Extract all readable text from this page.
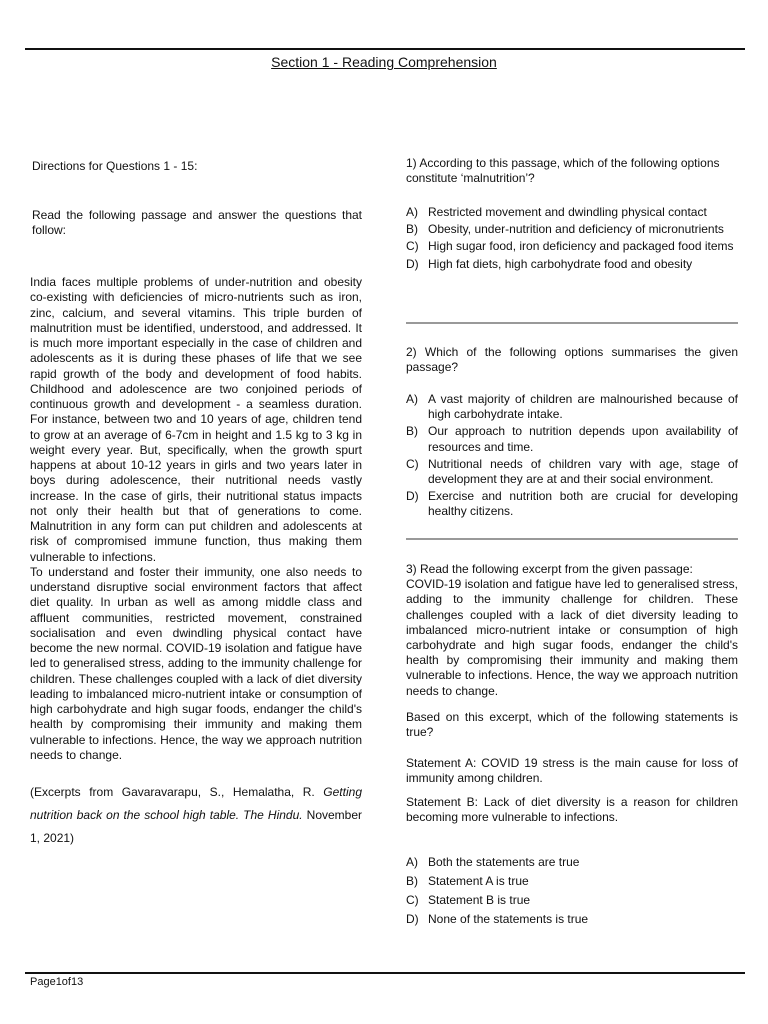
Section 1 - Reading Comprehension

Directions for Questions 1 - 15:

Read the following passage and answer the questions that follow:

India faces multiple problems of under-nutrition and obesity co-existing with deficiencies of micro-nutrients such as iron, zinc, calcium, and several vitamins. This triple burden of malnutrition must be identified, understood, and addressed. It is much more important especially in the case of children and adolescents as it is during these phases of life that we see rapid growth of the body and development of food habits. Childhood and adolescence are two conjoined periods of continuous growth and development - a seamless duration. For instance, between two and 10 years of age, children tend to grow at an average of 6-7cm in height and 1.5 kg to 3 kg in weight every year. But, specifically, when the growth spurt happens at about 10-12 years in girls and two years later in boys during adolescence, their nutritional needs vastly increase. In the case of girls, their nutritional status impacts not only their health but that of generations to come. Malnutrition in any form can put children and adolescents at risk of compromised immune function, thus making them vulnerable to infections.

To understand and foster their immunity, one also needs to understand disruptive social environment factors that affect diet quality. In urban as well as among middle class and affluent communities, restricted movement, constrained socialisation and even dwindling physical contact have become the new normal. COVID-19 isolation and fatigue have led to generalised stress, adding to the immunity challenge for children. These challenges coupled with a lack of diet diversity leading to imbalanced micro-nutrient intake or consumption of high carbohydrate and high sugar foods, endanger the child's health by compromising their immunity and making them vulnerable to infections. Hence, the way we approach nutrition needs to change.

(Excerpts from Gavaravarapu, S., Hemalatha, R. Getting nutrition back on the school high table. The Hindu. November 1, 2021)

1) According to this passage, which of the following options constitute ‘malnutrition’?

A) Restricted movement and dwindling physical contact
B) Obesity, under-nutrition and deficiency of micronutrients
C) High sugar food, iron deficiency and packaged food items
D) High fat diets, high carbohydrate food and obesity

2) Which of the following options summarises the given passage?

A) A vast majority of children are malnourished because of high carbohydrate intake.
B) Our approach to nutrition depends upon availability of resources and time.
C) Nutritional needs of children vary with age, stage of development they are at and their social environment.
D) Exercise and nutrition both are crucial for developing healthy citizens.

3) Read the following excerpt from the given passage:

COVID-19 isolation and fatigue have led to generalised stress, adding to the immunity challenge for children. These challenges coupled with a lack of diet diversity leading to imbalanced micro-nutrient intake or consumption of high carbohydrate and high sugar foods, endanger the child's health by compromising their immunity and making them vulnerable to infections. Hence, the way we approach nutrition needs to change.

Based on this excerpt, which of the following statements is true?

Statement A: COVID 19 stress is the main cause for loss of immunity among children.

Statement B: Lack of diet diversity is a reason for children becoming more vulnerable to infections.

A) Both the statements are true
B) Statement A is true
C) Statement B is true
D) None of the statements is true
Page1of13
